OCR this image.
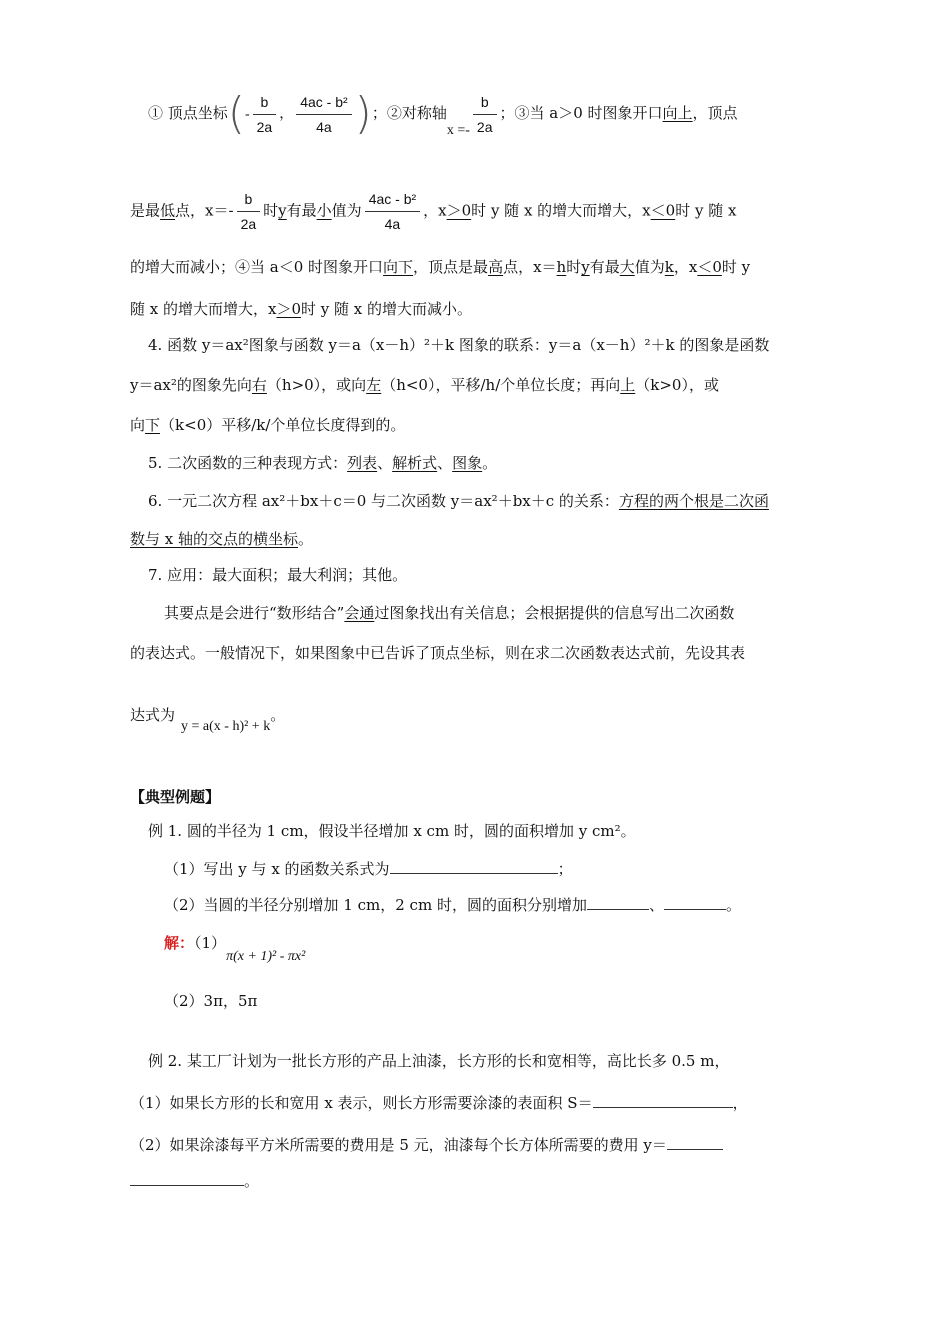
① 顶点坐标(- $\frac{b}{2a}$ ， $\frac{\text{4ac - b²}}{4a}$ )；②对称轴$x =- \frac{b}{2a}$ ；③当 a＞0 时图象开口向上，顶点
是最低点，$x=- \frac{b}{2a}$ 时y有最小值为 $\frac{\text{4ac - b²}}{4a}$ ，x＞0时 y 随 x 的增大而增大，x＜0时 y 随 x
的增大而减小；④当 a＜0 时图象开口向下，顶点是最高点，x＝h时y有最大值为k，x＜0时 y
随 x 的增大而增大，x＞0时 y 随 x 的增大而减小。
4. 函数 y＝ax²图象与函数 y＝a（x－h）²＋k 图象的联系：y＝a（x－h）²＋k 的图象是函数
y＝ax²的图象先向右（h>0），或向左（h<0），平移/h/个单位长度；再向上（k>0），或
向下（k<0）平移/k/个单位长度得到的。
5. 二次函数的三种表现方式：列表、解析式、图象。
6. 一元二次方程 ax²＋bx＋c＝0 与二次函数 y＝ax²＋bx＋c 的关系：方程的两个根是二次函
数与 x 轴的交点的横坐标。
7. 应用：最大面积；最大利润；其他。
其要点是会进行“数形结合”会通过图象找出有关信息；会根据提供的信息写出二次函数
的表达式。一般情况下，如果图象中已告诉了顶点坐标，则在求二次函数表达式前，先设其表
达式为y = a(x - h)² + k。
【典型例题】
例 1. 圆的半径为 1 cm，假设半径增加 x cm 时，圆的面积增加 y cm²。
（1）写出 y 与 x 的函数关系式为	；
（2）当圆的半径分别增加 1 cm，2 cm 时，圆的面积分别增加	、	。
解：（1）π(x + 1)² - πx²
（2）3π，5π
例 2. 某工厂计划为一批长方形的产品上油漆，长方形的长和宽相等，高比长多 0.5 m，
（1）如果长方形的长和宽用 x 表示，则长方形需要涂漆的表面积 S＝	，
（2）如果涂漆每平方米所需要的费用是 5 元，油漆每个长方体所需要的费用 y＝
。
